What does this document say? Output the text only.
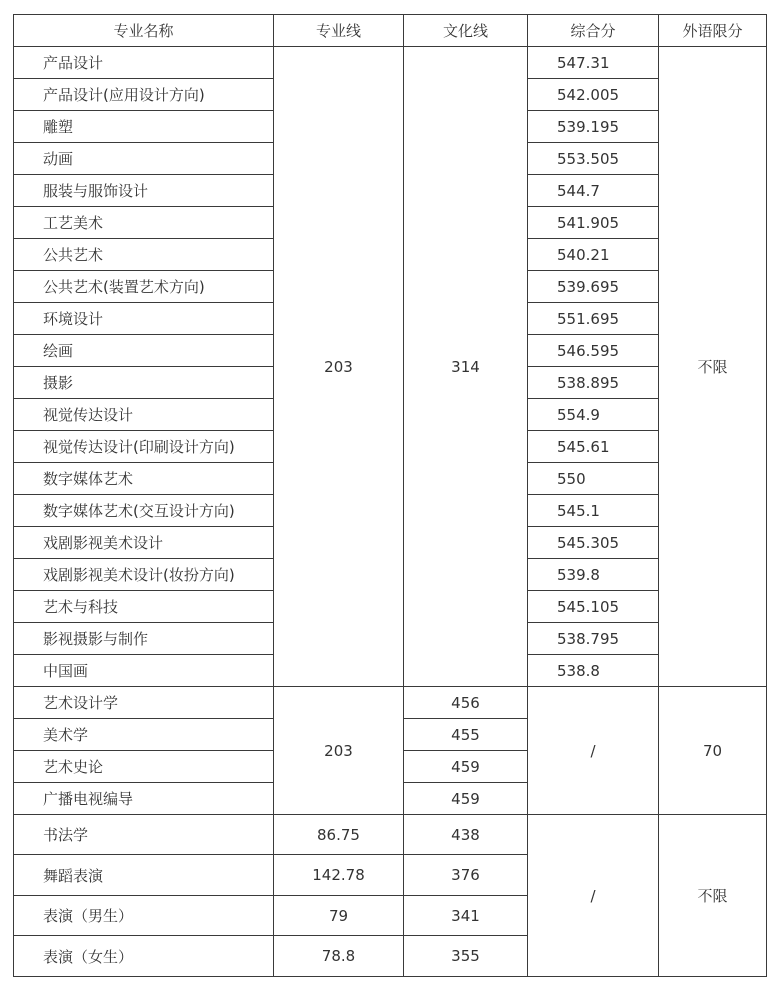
专业名称	专业线	文化线	综合分	外语限分
产品设计	203	314	547.31	不限
产品设计(应用设计方向)			542.005	
雕塑			539.195	
动画			553.505	
服装与服饰设计			544.7	
工艺美术			541.905	
公共艺术			540.21	
公共艺术(装置艺术方向)			539.695	
环境设计			551.695	
绘画			546.595	
摄影			538.895	
视觉传达设计			554.9	
视觉传达设计(印刷设计方向)			545.61	
数字媒体艺术			550	
数字媒体艺术(交互设计方向)			545.1	
戏剧影视美术设计			545.305	
戏剧影视美术设计(妆扮方向)			539.8	
艺术与科技			545.105	
影视摄影与制作			538.795	
中国画			538.8	
艺术设计学	203	456	/	70
美术学		455		
艺术史论		459		
广播电视编导		459		
书法学	86.75	438	/	不限
舞蹈表演	142.78	376		
表演（男生）	79	341		
表演（女生）	78.8	355		
